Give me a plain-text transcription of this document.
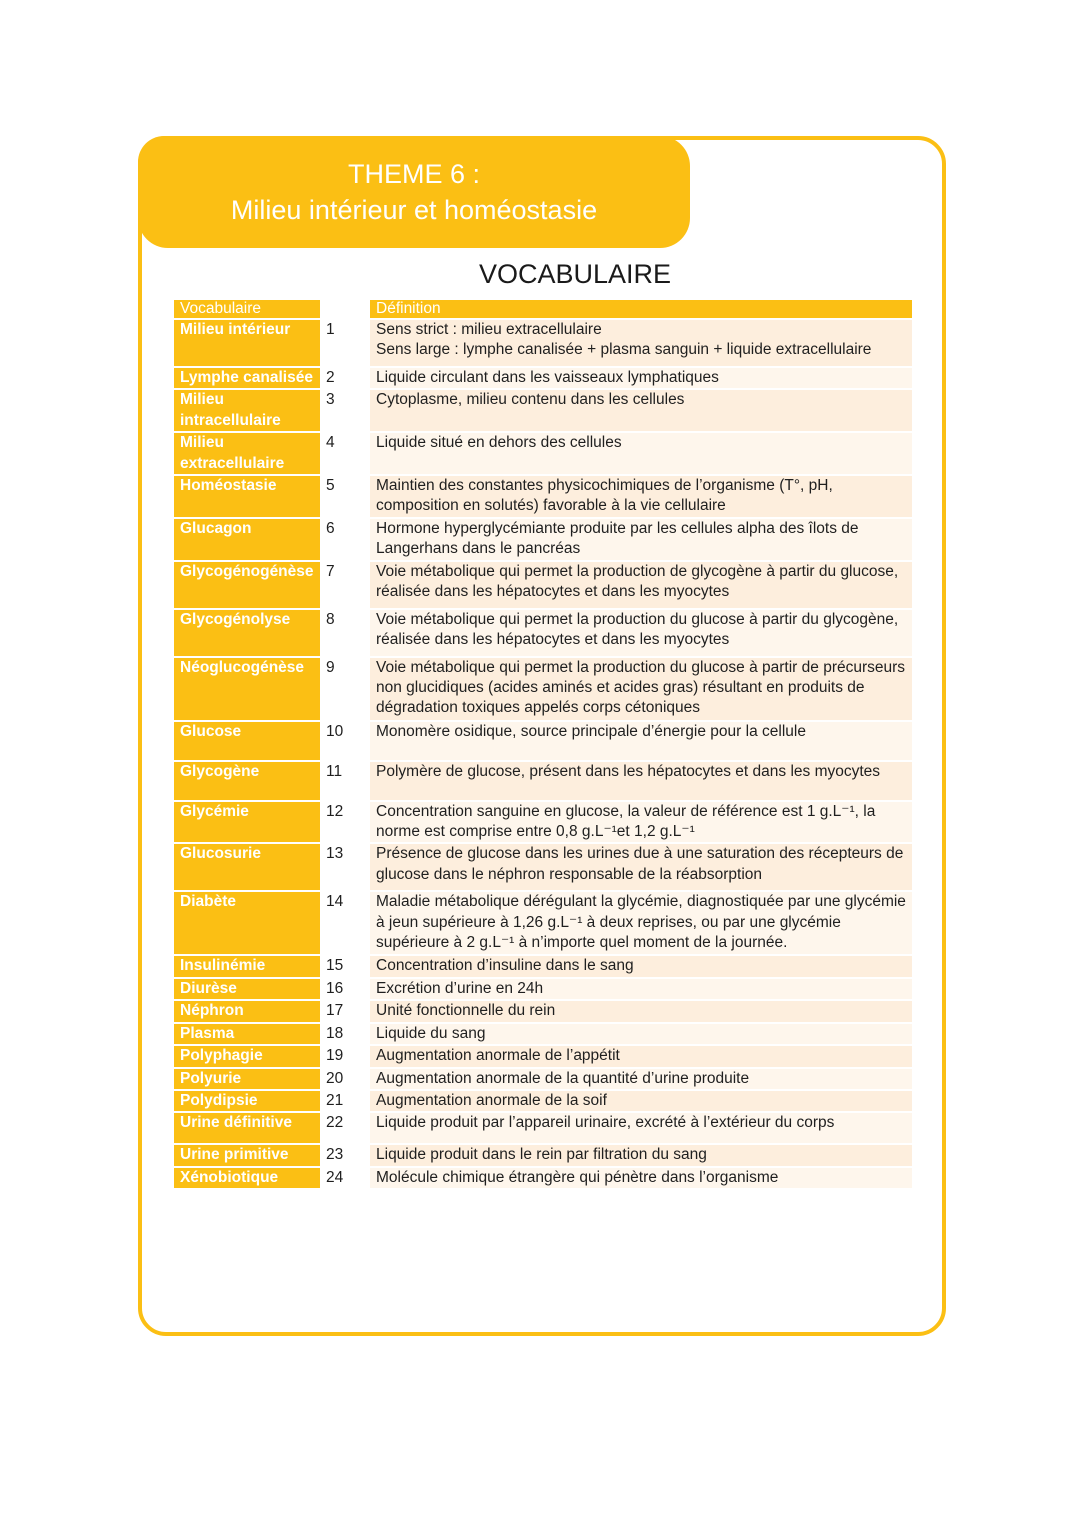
THEME 6 :
Milieu intérieur et homéostasie
VOCABULAIRE
Vocabulaire		Définition
Milieu intérieur	1	Sens strict : milieu extracellulaire
Sens large : lymphe canalisée + plasma sanguin + liquide extracellulaire

Lymphe canalisée	2	Liquide circulant dans les vaisseaux lymphatiques

Milieu intracellulaire	3	Cytoplasme, milieu contenu dans les cellules

Milieu extracellulaire	4	Liquide situé en dehors des cellules

Homéostasie	5	Maintien des constantes physicochimiques de l’organisme (T°, pH, composition en solutés) favorable à la vie cellulaire

Glucagon	6	Hormone hyperglycémiante produite par les cellules alpha des îlots de Langerhans dans le pancréas

Glycogénogénèse	7	Voie métabolique qui permet la production de glycogène à partir du glucose, réalisée dans les hépatocytes et dans les myocytes

Glycogénolyse	8	Voie métabolique qui permet la production du glucose à partir du glycogène, réalisée dans les hépatocytes et dans les myocytes

Néoglucogénèse	9	Voie métabolique qui permet la production du glucose à partir de précurseurs non glucidiques (acides aminés et acides gras) résultant en produits de dégradation toxiques appelés corps cétoniques

Glucose	10	Monomère osidique, source principale d’énergie pour la cellule

Glycogène	11	Polymère de glucose, présent dans les hépatocytes et dans les myocytes

Glycémie	12	Concentration sanguine en glucose, la valeur de référence est 1 g.L⁻¹, la norme est comprise entre 0,8 g.L⁻¹et 1,2 g.L⁻¹

Glucosurie	13	Présence de glucose dans les urines due à une saturation des récepteurs de glucose dans le néphron responsable de la réabsorption

Diabète	14	Maladie métabolique dérégulant la glycémie, diagnostiquée par une glycémie à jeun supérieure à 1,26 g.L⁻¹ à deux reprises, ou par une glycémie supérieure à 2 g.L⁻¹ à n’importe quel moment de la journée.

Insulinémie	15	Concentration d’insuline dans le sang

Diurèse	16	Excrétion d’urine en 24h

Néphron	17	Unité fonctionnelle du rein

Plasma	18	Liquide du sang

Polyphagie	19	Augmentation anormale de l’appétit

Polyurie	20	Augmentation anormale de la quantité d’urine produite

Polydipsie	21	Augmentation anormale de la soif

Urine définitive	22	Liquide produit par l’appareil urinaire, excrété à l’extérieur du corps

Urine primitive	23	Liquide produit dans le rein par filtration du sang

Xénobiotique	24	Molécule chimique étrangère qui pénètre dans l’organisme
